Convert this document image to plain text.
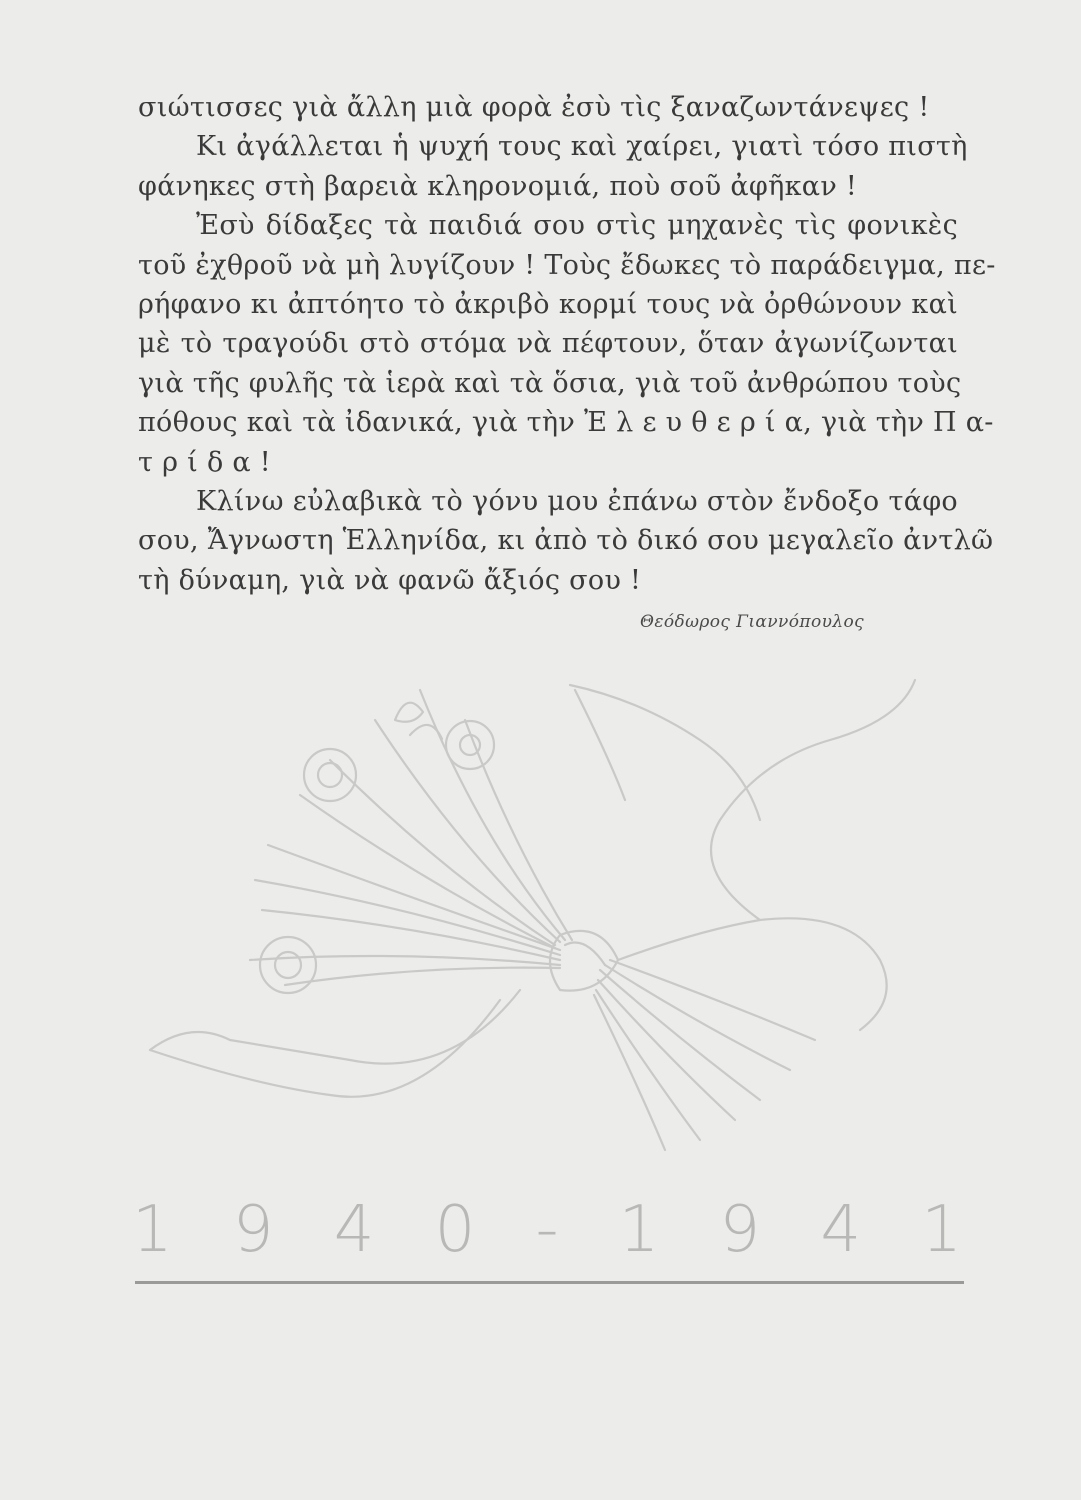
σιώτισσες γιὰ ἄλλη μιὰ φορὰ ἐσὺ τὶς ξαναζωντάνεψες !
Κι ἀγάλλεται ἡ ψυχή τους καὶ χαίρει, γιατὶ τόσο πιστὴ
φάνηκες στὴ βαρειὰ κληρονομιά, ποὺ σοῦ ἀφῆκαν !
Ἐσὺ δίδαξες τὰ παιδιά σου στὶς μηχανὲς τὶς φονικὲς
τοῦ ἐχθροῦ νὰ μὴ λυγίζουν ! Τοὺς ἔδωκες τὸ παράδειγμα, πε-
ρήφανο κι ἀπτόητο τὸ ἀκριβὸ κορμί τους νὰ ὀρθώνουν καὶ
μὲ τὸ τραγούδι στὸ στόμα νὰ πέφτουν, ὅταν ἀγωνίζωνται
γιὰ τῆς φυλῆς τὰ ἱερὰ καὶ τὰ ὅσια, γιὰ τοῦ ἀνθρώπου τοὺς
πόθους καὶ τὰ ἰδανικά, γιὰ τὴν Ἐ λ ε υ θ ε ρ ί α, γιὰ τὴν Π α-
τ ρ ί δ α !
Κλίνω εὐλαβικὰ τὸ γόνυ μου ἐπάνω στὸν ἔνδοξο τάφο
σου, Ἄγνωστη Ἑλληνίδα, κι ἀπὸ τὸ δικό σου μεγαλεῖο ἀντλῶ
τὴ δύναμη, γιὰ νὰ φανῶ ἄξιός σου !
Θεόδωρος Γιαννόπουλος
1 9 4 0 - 1 9 4 1
